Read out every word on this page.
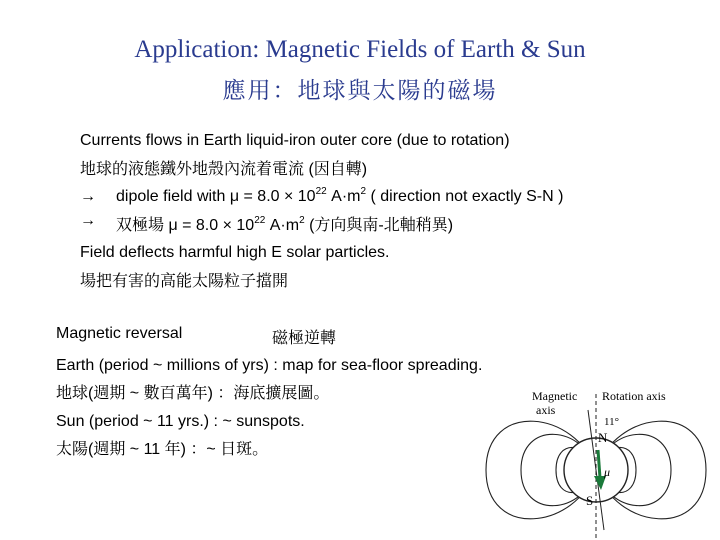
Application: Magnetic Fields of Earth & Sun
應用：地球與太陽的磁場
Currents flows in Earth liquid-iron outer core (due to rotation)
地球的液態鐵外地殼內流着電流 (因自轉)
→ dipole field with $\mu = 8.0 \times 10^{22}$ $A\cdot m^2$ ( direction not exactly S-N )
→ 双極場 $\mu = 8.0 \times 10^{22}$ $A\cdot m^2$ (方向與南-北軸稍異)
Field deflects harmful high E solar particles.
場把有害的高能太陽粒子擋開
Magnetic reversal	磁極逆轉
Earth (period ~ millions of yrs) : map for sea-floor spreading.
地球(週期 ~ 數百萬年) ：海底擴展圖。
Sun (period ~ 11 yrs.) : ~ sunspots.
太陽(週期 ~ 11 年) ：~ 日斑。
Magnetic
axis
Rotation axis
11°
N
μ
S
